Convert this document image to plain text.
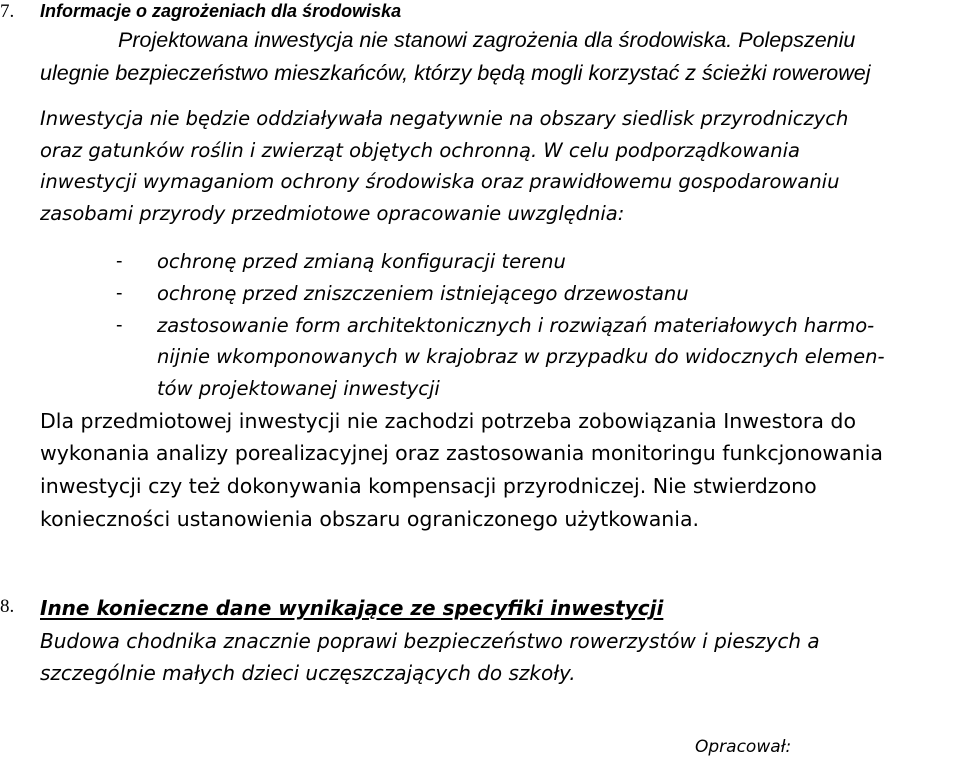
7. Informacje o zagrożeniach dla środowiska
Projektowana inwestycja nie stanowi zagrożenia dla środowiska. Polepszeniu
ulegnie bezpieczeństwo mieszkańców, którzy będą mogli korzystać z ścieżki rowerowej
Inwestycja nie będzie oddziaływała negatywnie na obszary siedlisk przyrodniczych
oraz gatunków roślin i zwierząt objętych ochronną. W celu podporządkowania
inwestycji wymaganiom ochrony środowiska oraz prawidłowemu gospodarowaniu
zasobami przyrody przedmiotowe opracowanie uwzględnia:
- ochronę przed zmianą konfiguracji terenu
- ochronę przed zniszczeniem istniejącego drzewostanu
- zastosowanie form architektonicznych i rozwiązań materiałowych harmo-
nijnie wkomponowanych w krajobraz w przypadku do widocznych elemen-
tów projektowanej inwestycji
Dla przedmiotowej inwestycji nie zachodzi potrzeba zobowiązania Inwestora do
wykonania analizy porealizacyjnej oraz zastosowania monitoringu funkcjonowania
inwestycji czy też dokonywania kompensacji przyrodniczej. Nie stwierdzono
konieczności ustanowienia obszaru ograniczonego użytkowania.
8. Inne konieczne dane wynikające ze specyfiki inwestycji
Budowa chodnika znacznie poprawi bezpieczeństwo rowerzystów i pieszych a
szczególnie małych dzieci uczęszczających do szkoły.
Opracował:
